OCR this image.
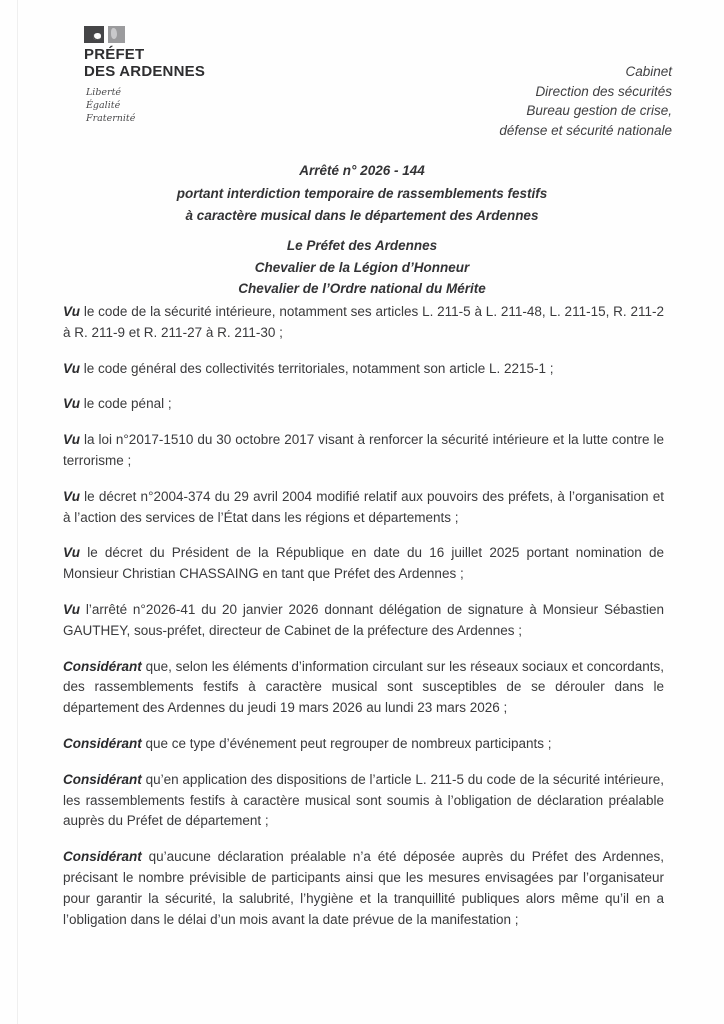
PRÉFET
DES ARDENNES
Liberté
Égalité
Fraternité
Cabinet
Direction des sécurités
Bureau gestion de crise,
défense et sécurité nationale
Arrêté n° 2026 - 144
portant interdiction temporaire de rassemblements festifs
à caractère musical dans le département des Ardennes
Le Préfet des Ardennes
Chevalier de la Légion d’Honneur
Chevalier de l’Ordre national du Mérite

Vu le code de la sécurité intérieure, notamment ses articles L. 211-5 à L. 211-48, L. 211-15, R. 211-2 à R. 211-9 et R. 211-27 à R. 211-30 ;

Vu le code général des collectivités territoriales, notamment son article L. 2215-1 ;

Vu le code pénal ;

Vu la loi n°2017-1510 du 30 octobre 2017 visant à renforcer la sécurité intérieure et la lutte contre le terrorisme ;

Vu le décret n°2004-374 du 29 avril 2004 modifié relatif aux pouvoirs des préfets, à l’organisation et à l’action des services de l’État dans les régions et départements ;

Vu le décret du Président de la République en date du 16 juillet 2025 portant nomination de Monsieur Christian CHASSAING en tant que Préfet des Ardennes ;

Vu l’arrêté n°2026-41 du 20 janvier 2026 donnant délégation de signature à Monsieur Sébastien GAUTHEY, sous-préfet, directeur de Cabinet de la préfecture des Ardennes ;

Considérant que, selon les éléments d’information circulant sur les réseaux sociaux et concordants, des rassemblements festifs à caractère musical sont susceptibles de se dérouler dans le département des Ardennes du jeudi 19 mars 2026 au lundi 23 mars 2026 ;

Considérant que ce type d’événement peut regrouper de nombreux participants ;

Considérant qu’en application des dispositions de l’article L. 211-5 du code de la sécurité intérieure, les rassemblements festifs à caractère musical sont soumis à l’obligation de déclaration préalable auprès du Préfet de département ;

Considérant qu’aucune déclaration préalable n’a été déposée auprès du Préfet des Ardennes, précisant le nombre prévisible de participants ainsi que les mesures envisagées par l’organisateur pour garantir la sécurité, la salubrité, l’hygiène et la tranquillité publiques alors même qu’il en a l’obligation dans le délai d’un mois avant la date prévue de la manifestation ;
